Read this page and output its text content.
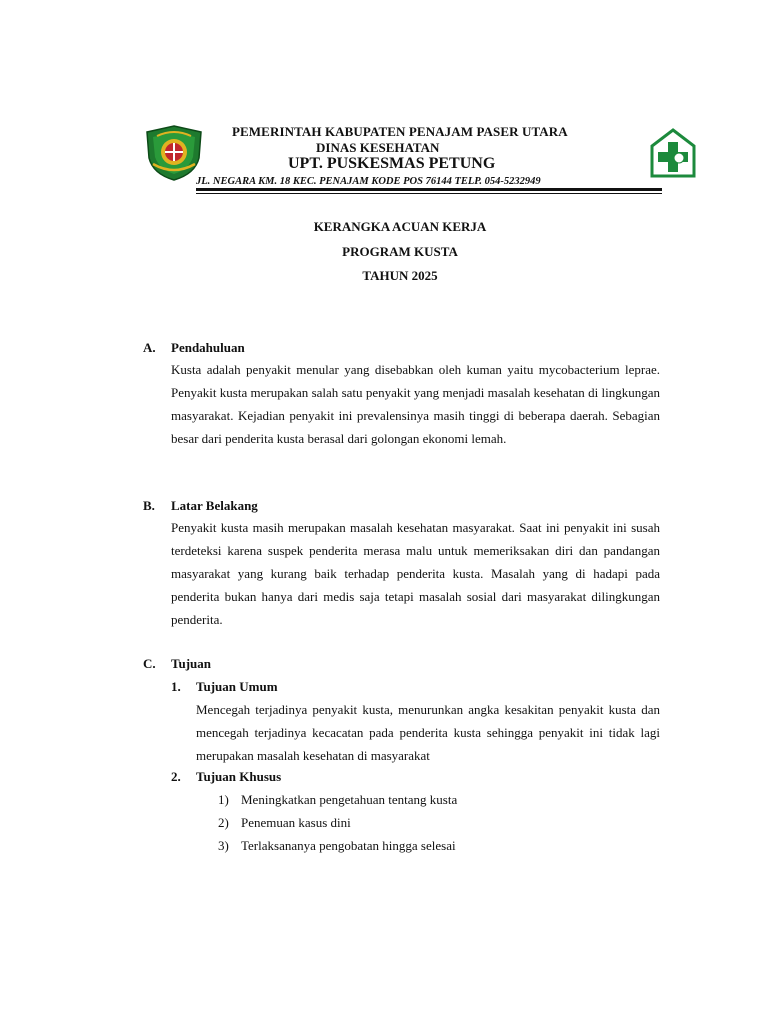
PEMERINTAH KABUPATEN PENAJAM PASER UTARA
DINAS KESEHATAN
UPT. PUSKESMAS PETUNG
JL. NEGARA KM. 18 KEC. PENAJAM KODE POS 76144 TELP. 054-5232949
KERANGKA ACUAN KERJA
PROGRAM KUSTA
TAHUN 2025
A. Pendahuluan

Kusta adalah penyakit menular yang disebabkan oleh kuman yaitu mycobacterium leprae. Penyakit kusta merupakan salah satu penyakit yang menjadi masalah kesehatan di lingkungan masyarakat. Kejadian penyakit ini prevalensinya masih tinggi di beberapa daerah. Sebagian besar dari penderita kusta berasal dari golongan ekonomi lemah.

B. Latar Belakang

Penyakit kusta masih merupakan masalah kesehatan masyarakat. Saat ini penyakit ini susah terdeteksi karena suspek penderita merasa malu untuk memeriksakan diri dan pandangan masyarakat yang kurang baik terhadap penderita kusta. Masalah yang di hadapi pada penderita bukan hanya dari medis saja tetapi masalah sosial dari masyarakat dilingkungan penderita.

C. Tujuan
1. Tujuan Umum

Mencegah terjadinya penyakit kusta, menurunkan angka kesakitan penyakit kusta dan mencegah terjadinya kecacatan pada penderita kusta sehingga penyakit ini tidak lagi merupakan masalah kesehatan di masyarakat

2. Tujuan Khusus
1) Meningkatkan pengetahuan tentang kusta
2) Penemuan kasus dini
3) Terlaksananya pengobatan hingga selesai
